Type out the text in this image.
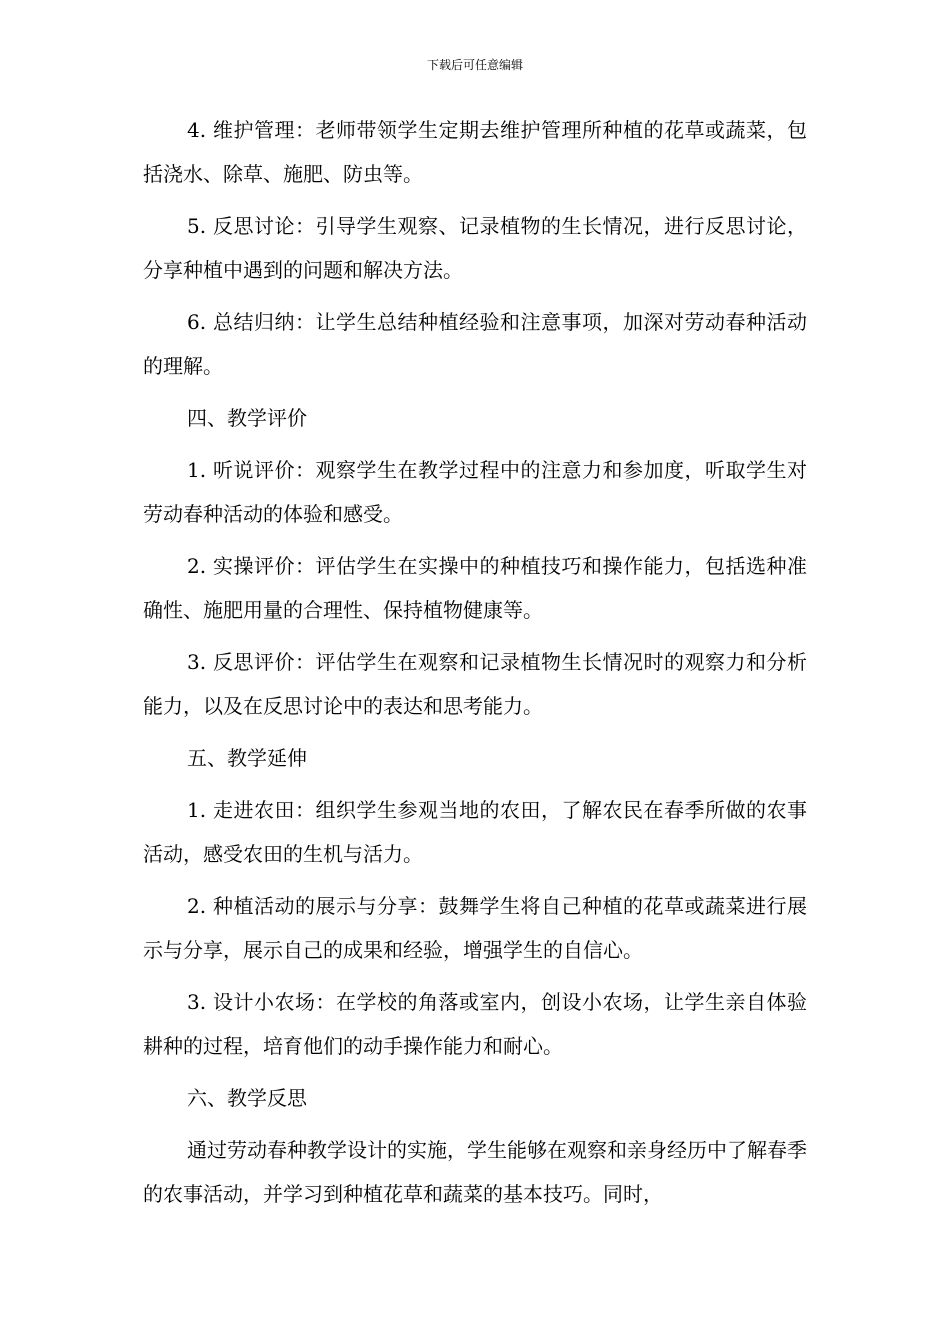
下载后可任意编辑

4. 维护管理：老师带领学生定期去维护管理所种植的花草或蔬菜，包括浇水、除草、施肥、防虫等。

5. 反思讨论：引导学生观察、记录植物的生长情况，进行反思讨论，分享种植中遇到的问题和解决方法。

6. 总结归纳：让学生总结种植经验和注意事项，加深对劳动春种活动的理解。

四、教学评价

1. 听说评价：观察学生在教学过程中的注意力和参加度，听取学生对劳动春种活动的体验和感受。

2. 实操评价：评估学生在实操中的种植技巧和操作能力，包括选种准确性、施肥用量的合理性、保持植物健康等。

3. 反思评价：评估学生在观察和记录植物生长情况时的观察力和分析能力，以及在反思讨论中的表达和思考能力。

五、教学延伸

1. 走进农田：组织学生参观当地的农田，了解农民在春季所做的农事活动，感受农田的生机与活力。

2. 种植活动的展示与分享：鼓舞学生将自己种植的花草或蔬菜进行展示与分享，展示自己的成果和经验，增强学生的自信心。

3. 设计小农场：在学校的角落或室内，创设小农场，让学生亲自体验耕种的过程，培育他们的动手操作能力和耐心。

六、教学反思

通过劳动春种教学设计的实施，学生能够在观察和亲身经历中了解春季的农事活动，并学习到种植花草和蔬菜的基本技巧。同时，
